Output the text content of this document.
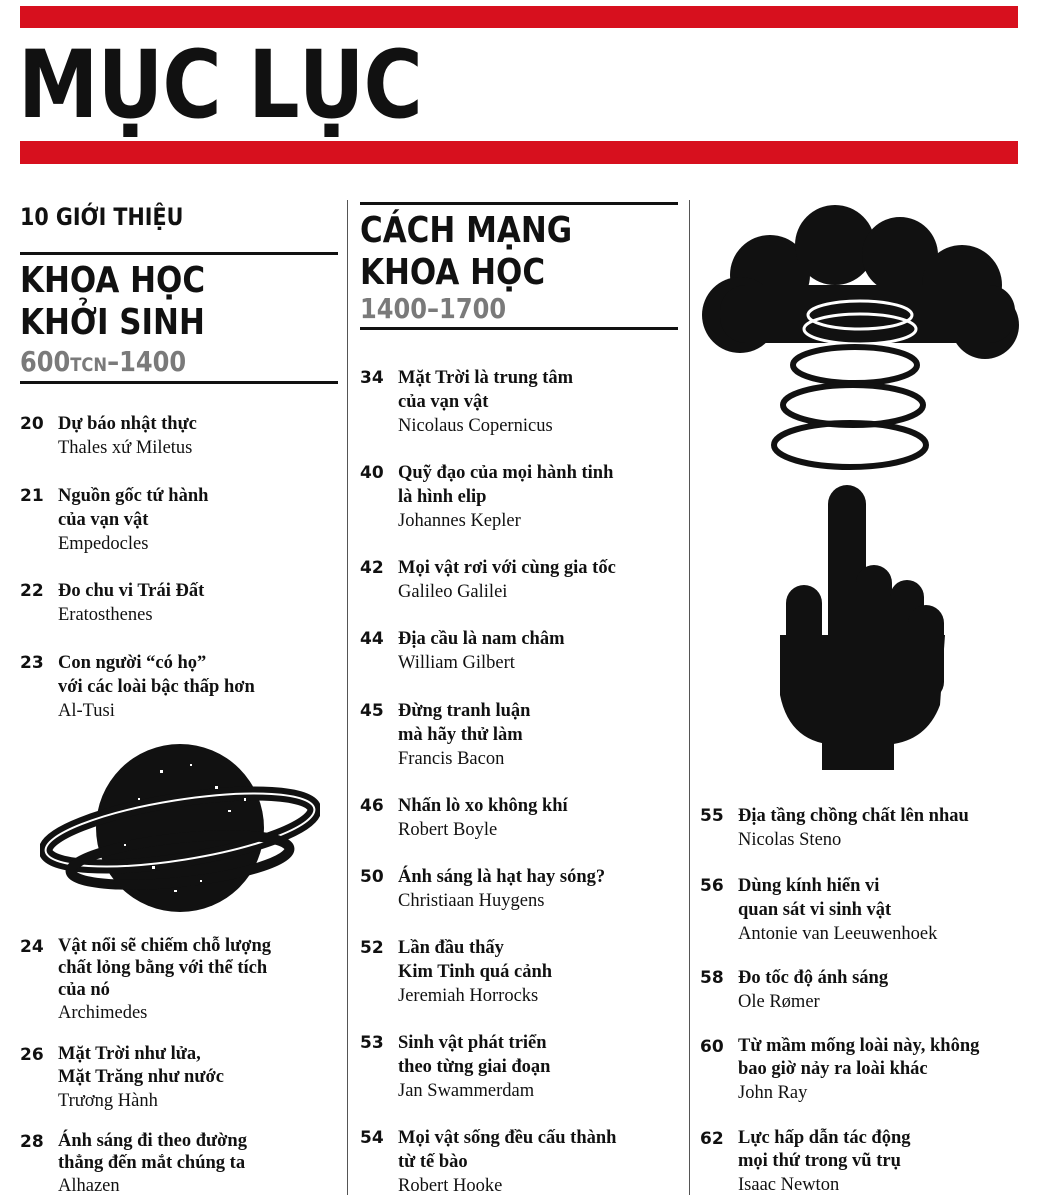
MỤC LỤC
10 GIỚI THIỆU
KHOA HỌC
KHỞI SINH
600TCN–1400
20 Dự báo nhật thực
Thales xứ Miletus
21 Nguồn gốc tứ hành
của vạn vật
Empedocles
22 Đo chu vi Trái Đất
Eratosthenes
23 Con người “có họ”
với các loài bậc thấp hơn
Al-Tusi
24 Vật nổi sẽ chiếm chỗ lượng
chất lỏng bằng với thể tích
của nó
Archimedes
26 Mặt Trời như lửa,
Mặt Trăng như nước
Trương Hành
28 Ánh sáng đi theo đường
thẳng đến mắt chúng ta
Alhazen
CÁCH MẠNG
KHOA HỌC
1400–1700
34 Mặt Trời là trung tâm
của vạn vật
Nicolaus Copernicus
40 Quỹ đạo của mọi hành tinh
là hình elip
Johannes Kepler
42 Mọi vật rơi với cùng gia tốc
Galileo Galilei
44 Địa cầu là nam châm
William Gilbert
45 Đừng tranh luận
mà hãy thử làm
Francis Bacon
46 Nhấn lò xo không khí
Robert Boyle
50 Ánh sáng là hạt hay sóng?
Christiaan Huygens
52 Lần đầu thấy
Kim Tinh quá cảnh
Jeremiah Horrocks
53 Sinh vật phát triển
theo từng giai đoạn
Jan Swammerdam
54 Mọi vật sống đều cấu thành
từ tế bào
Robert Hooke
55 Địa tầng chồng chất lên nhau
Nicolas Steno
56 Dùng kính hiển vi
quan sát vi sinh vật
Antonie van Leeuwenhoek
58 Đo tốc độ ánh sáng
Ole Rømer
60 Từ mầm mống loài này, không
bao giờ nảy ra loài khác
John Ray
62 Lực hấp dẫn tác động
mọi thứ trong vũ trụ
Isaac Newton
